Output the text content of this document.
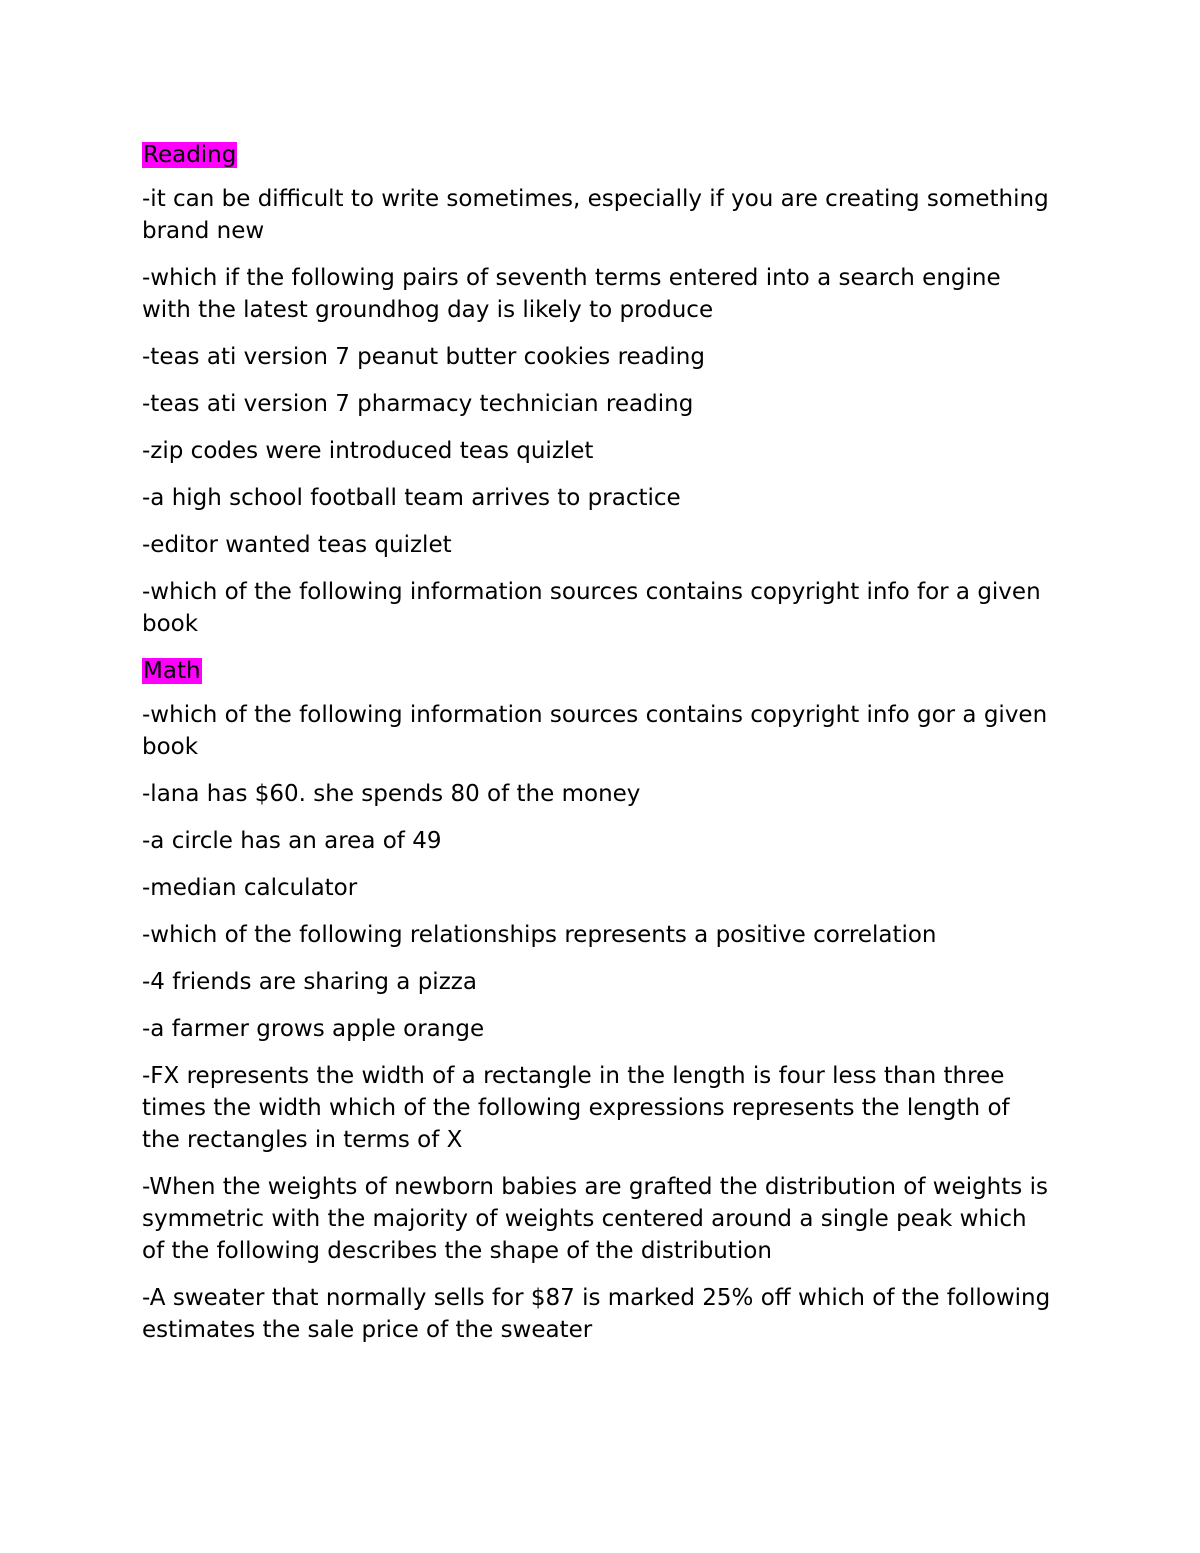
Reading

-it can be difficult to write sometimes, especially if you are creating something brand new

-which if the following pairs of seventh terms entered into a search engine with the latest groundhog day is likely to produce

-teas ati version 7 peanut butter cookies reading

-teas ati version 7 pharmacy technician reading

-zip codes were introduced teas quizlet

-a high school football team arrives to practice

-editor wanted teas quizlet

-which of the following information sources contains copyright info for a given book

Math

-which of the following information sources contains copyright info gor a given book

-lana has $60. she spends 80 of the money

-a circle has an area of 49

-median calculator

-which of the following relationships represents a positive correlation

-4 friends are sharing a pizza

-a farmer grows apple orange

-FX represents the width of a rectangle in the length is four less than three times the width which of the following expressions represents the length of the rectangles in terms of X

-When the weights of newborn babies are grafted the distribution of weights is symmetric with the majority of weights centered around a single peak which of the following describes the shape of the distribution

-A sweater that normally sells for $87 is marked 25% off which of the following estimates the sale price of the sweater
